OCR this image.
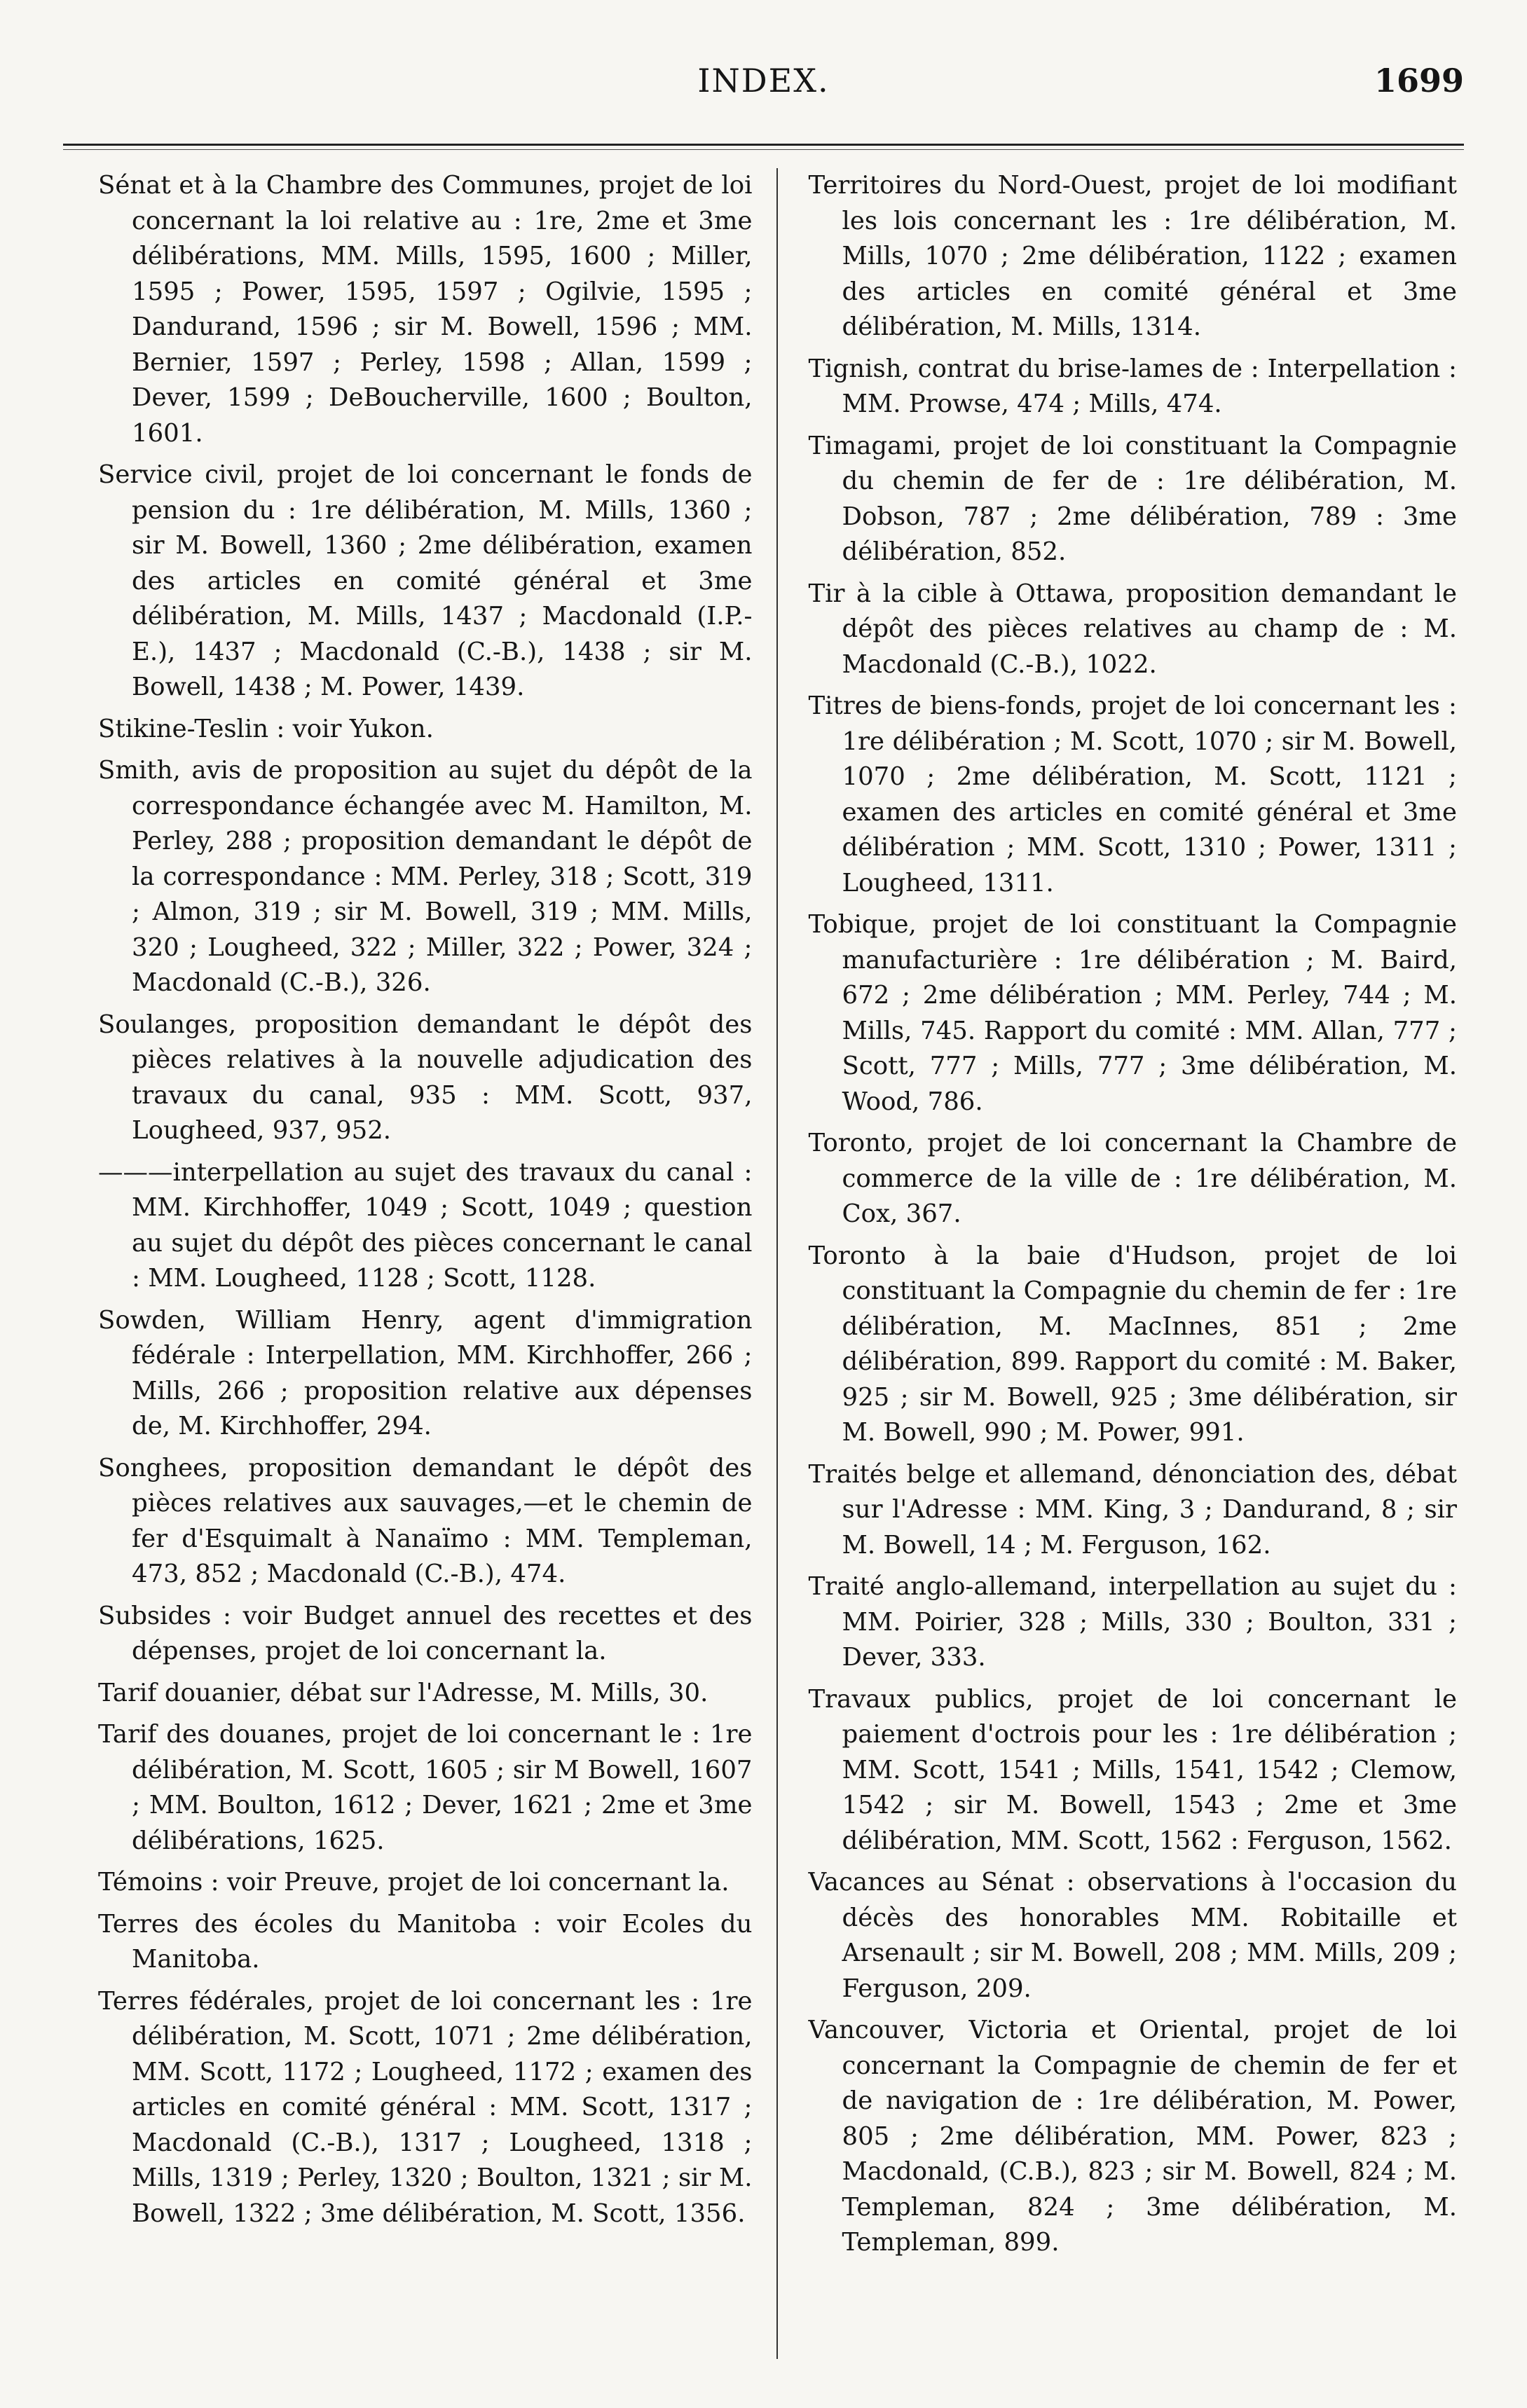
INDEX.	1699

Sénat et à la Chambre des Communes, projet de loi concernant la loi relative au : 1re, 2me et 3me délibérations, MM. Mills, 1595, 1600 ; Miller, 1595 ; Power, 1595, 1597 ; Ogilvie, 1595 ; Dandurand, 1596 ; sir M. Bowell, 1596 ; MM. Bernier, 1597 ; Perley, 1598 ; Allan, 1599 ; Dever, 1599 ; DeBoucherville, 1600 ; Boulton, 1601.

Service civil, projet de loi concernant le fonds de pension du : 1re délibération, M. Mills, 1360 ; sir M. Bowell, 1360 ; 2me délibération, examen des articles en comité général et 3me délibération, M. Mills, 1437 ; Macdonald (I.P.-E.), 1437 ; Macdonald (C.-B.), 1438 ; sir M. Bowell, 1438 ; M. Power, 1439.

Stikine-Teslin : voir Yukon.

Smith, avis de proposition au sujet du dépôt de la correspondance échangée avec M. Hamilton, M. Perley, 288 ; proposition demandant le dépôt de la correspondance : MM. Perley, 318 ; Scott, 319 ; Almon, 319 ; sir M. Bowell, 319 ; MM. Mills, 320 ; Lougheed, 322 ; Miller, 322 ; Power, 324 ; Macdonald (C.-B.), 326.

Soulanges, proposition demandant le dépôt des pièces relatives à la nouvelle adjudication des travaux du canal, 935 : MM. Scott, 937, Lougheed, 937, 952.

———interpellation au sujet des travaux du canal : MM. Kirchhoffer, 1049 ; Scott, 1049 ; question au sujet du dépôt des pièces concernant le canal : MM. Lougheed, 1128 ; Scott, 1128.

Sowden, William Henry, agent d'immigration fédérale : Interpellation, MM. Kirchhoffer, 266 ; Mills, 266 ; proposition relative aux dépenses de, M. Kirchhoffer, 294.

Songhees, proposition demandant le dépôt des pièces relatives aux sauvages,—et le chemin de fer d'Esquimalt à Nanaïmo : MM. Templeman, 473, 852 ; Macdonald (C.-B.), 474.

Subsides : voir Budget annuel des recettes et des dépenses, projet de loi concernant la.

Tarif douanier, débat sur l'Adresse, M. Mills, 30.

Tarif des douanes, projet de loi concernant le : 1re délibération, M. Scott, 1605 ; sir M Bowell, 1607 ; MM. Boulton, 1612 ; Dever, 1621 ; 2me et 3me délibérations, 1625.

Témoins : voir Preuve, projet de loi concernant la.

Terres des écoles du Manitoba : voir Ecoles du Manitoba.

Terres fédérales, projet de loi concernant les : 1re délibération, M. Scott, 1071 ; 2me délibération, MM. Scott, 1172 ; Lougheed, 1172 ; examen des articles en comité général : MM. Scott, 1317 ; Macdonald (C.-B.), 1317 ; Lougheed, 1318 ; Mills, 1319 ; Perley, 1320 ; Boulton, 1321 ; sir M. Bowell, 1322 ; 3me délibération, M. Scott, 1356.

Territoires du Nord-Ouest, projet de loi modifiant les lois concernant les : 1re délibération, M. Mills, 1070 ; 2me délibération, 1122 ; examen des articles en comité général et 3me délibération, M. Mills, 1314.

Tignish, contrat du brise-lames de : Interpellation : MM. Prowse, 474 ; Mills, 474.

Timagami, projet de loi constituant la Compagnie du chemin de fer de : 1re délibération, M. Dobson, 787 ; 2me délibération, 789 : 3me délibération, 852.

Tir à la cible à Ottawa, proposition demandant le dépôt des pièces relatives au champ de : M. Macdonald (C.-B.), 1022.

Titres de biens-fonds, projet de loi concernant les : 1re délibération ; M. Scott, 1070 ; sir M. Bowell, 1070 ; 2me délibération, M. Scott, 1121 ; examen des articles en comité général et 3me délibération ; MM. Scott, 1310 ; Power, 1311 ; Lougheed, 1311.

Tobique, projet de loi constituant la Compagnie manufacturière : 1re délibération ; M. Baird, 672 ; 2me délibération ; MM. Perley, 744 ; M. Mills, 745. Rapport du comité : MM. Allan, 777 ; Scott, 777 ; Mills, 777 ; 3me délibération, M. Wood, 786.

Toronto, projet de loi concernant la Chambre de commerce de la ville de : 1re délibération, M. Cox, 367.

Toronto à la baie d'Hudson, projet de loi constituant la Compagnie du chemin de fer : 1re délibération, M. MacInnes, 851 ; 2me délibération, 899. Rapport du comité : M. Baker, 925 ; sir M. Bowell, 925 ; 3me délibération, sir M. Bowell, 990 ; M. Power, 991.

Traités belge et allemand, dénonciation des, débat sur l'Adresse : MM. King, 3 ; Dandurand, 8 ; sir M. Bowell, 14 ; M. Ferguson, 162.

Traité anglo-allemand, interpellation au sujet du : MM. Poirier, 328 ; Mills, 330 ; Boulton, 331 ; Dever, 333.

Travaux publics, projet de loi concernant le paiement d'octrois pour les : 1re délibération ; MM. Scott, 1541 ; Mills, 1541, 1542 ; Clemow, 1542 ; sir M. Bowell, 1543 ; 2me et 3me délibération, MM. Scott, 1562 : Ferguson, 1562.

Vacances au Sénat : observations à l'occasion du décès des honorables MM. Robitaille et Arsenault ; sir M. Bowell, 208 ; MM. Mills, 209 ; Ferguson, 209.

Vancouver, Victoria et Oriental, projet de loi concernant la Compagnie de chemin de fer et de navigation de : 1re délibération, M. Power, 805 ; 2me délibération, MM. Power, 823 ; Macdonald, (C.B.), 823 ; sir M. Bowell, 824 ; M. Templeman, 824 ; 3me délibération, M. Templeman, 899.
